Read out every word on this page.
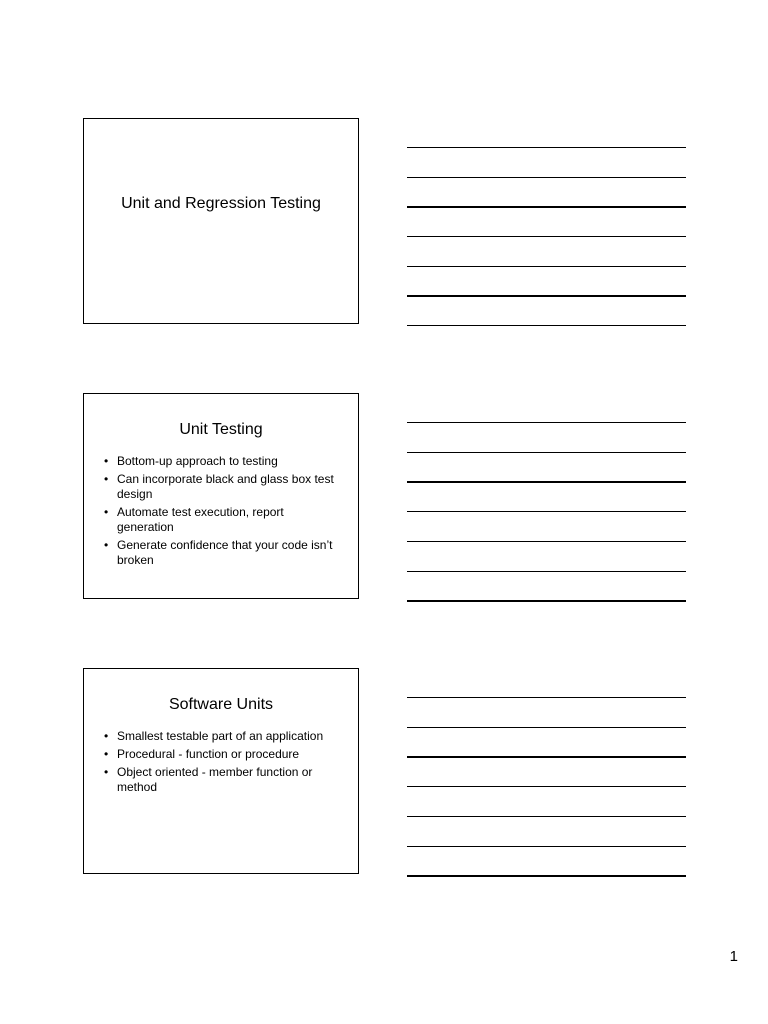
Unit and Regression Testing
Unit Testing
• Bottom-up approach to testing
• Can incorporate black and glass box test design
• Automate test execution, report generation
• Generate confidence that your code isn’t broken
Software Units
• Smallest testable part of an application
• Procedural - function or procedure
• Object oriented - member function or method
1
